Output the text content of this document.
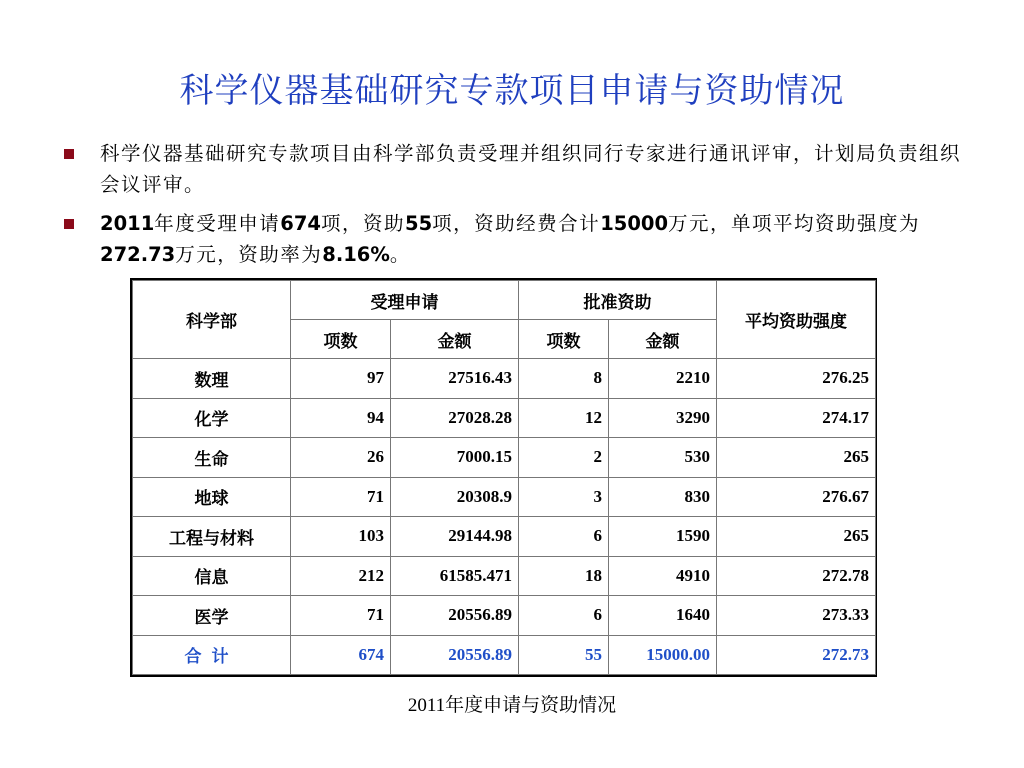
科学仪器基础研究专款项目申请与资助情况
科学仪器基础研究专款项目由科学部负责受理并组织同行专家进行通讯评审，计划局负责组织会议评审。
2011年度受理申请674项，资助55项，资助经费合计15000万元，单项平均资助强度为272.73万元，资助率为8.16%。
科学部	受理申请		批准资助		平均资助强度
	项数	金额	项数	金额	
数理	97	27516.43	8	2210	276.25
化学	94	27028.28	12	3290	274.17
生命	26	7000.15	2	530	265
地球	71	20308.9	3	830	276.67
工程与材料	103	29144.98	6	1590	265
信息	212	61585.471	18	4910	272.78
医学	71	20556.89	6	1640	273.33
合计	674	20556.89	55	15000.00	272.73
2011年度申请与资助情况
